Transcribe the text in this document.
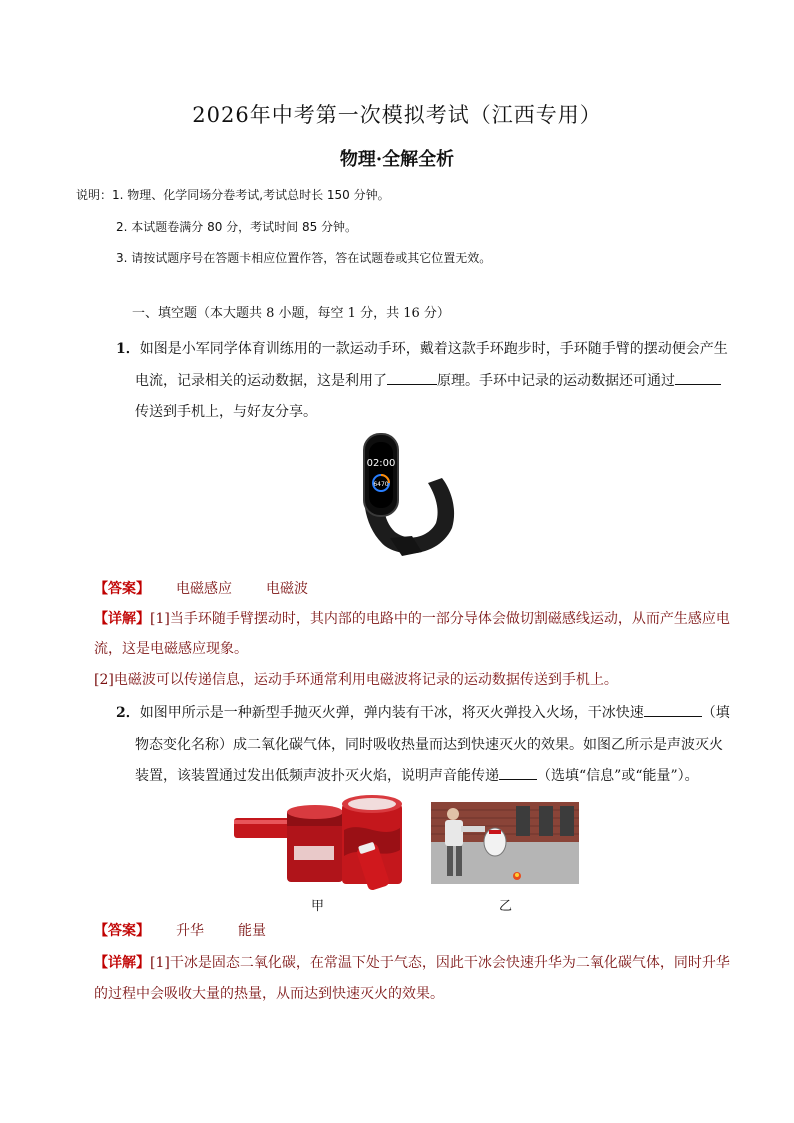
2026年中考第一次模拟考试（江西专用）
物理·全解全析
说明：1. 物理、化学同场分卷考试,考试总时长 150 分钟。
2. 本试题卷满分 80 分，考试时间 85 分钟。
3. 请按试题序号在答题卡相应位置作答，答在试题卷或其它位置无效。
一、填空题（本大题共 8 小题，每空 1 分，共 16 分）
1．如图是小军同学体育训练用的一款运动手环，戴着这款手环跑步时，手环随手臂的摆动便会产生
电流，记录相关的运动数据，这是利用了	原理。手环中记录的运动数据还可通过
传送到手机上，与好友分享。
02:00
6470
【答案】 电磁感应 电磁波
【详解】[1]当手环随手臂摆动时，其内部的电路中的一部分导体会做切割磁感线运动，从而产生感应电
流，这是电磁感应现象。
[2]电磁波可以传递信息，运动手环通常利用电磁波将记录的运动数据传送到手机上。
2．如图甲所示是一种新型手抛灭火弹，弹内装有干冰，将灭火弹投入火场，干冰快速	（填
物态变化名称）成二氧化碳气体，同时吸收热量而达到快速灭火的效果。如图乙所示是声波灭火
装置，该装置通过发出低频声波扑灭火焰，说明声音能传递	（选填“信息”或“能量”）。
甲	乙
【答案】 升华 能量
【详解】[1]干冰是固态二氧化碳，在常温下处于气态，因此干冰会快速升华为二氧化碳气体，同时升华
的过程中会吸收大量的热量，从而达到快速灭火的效果。
